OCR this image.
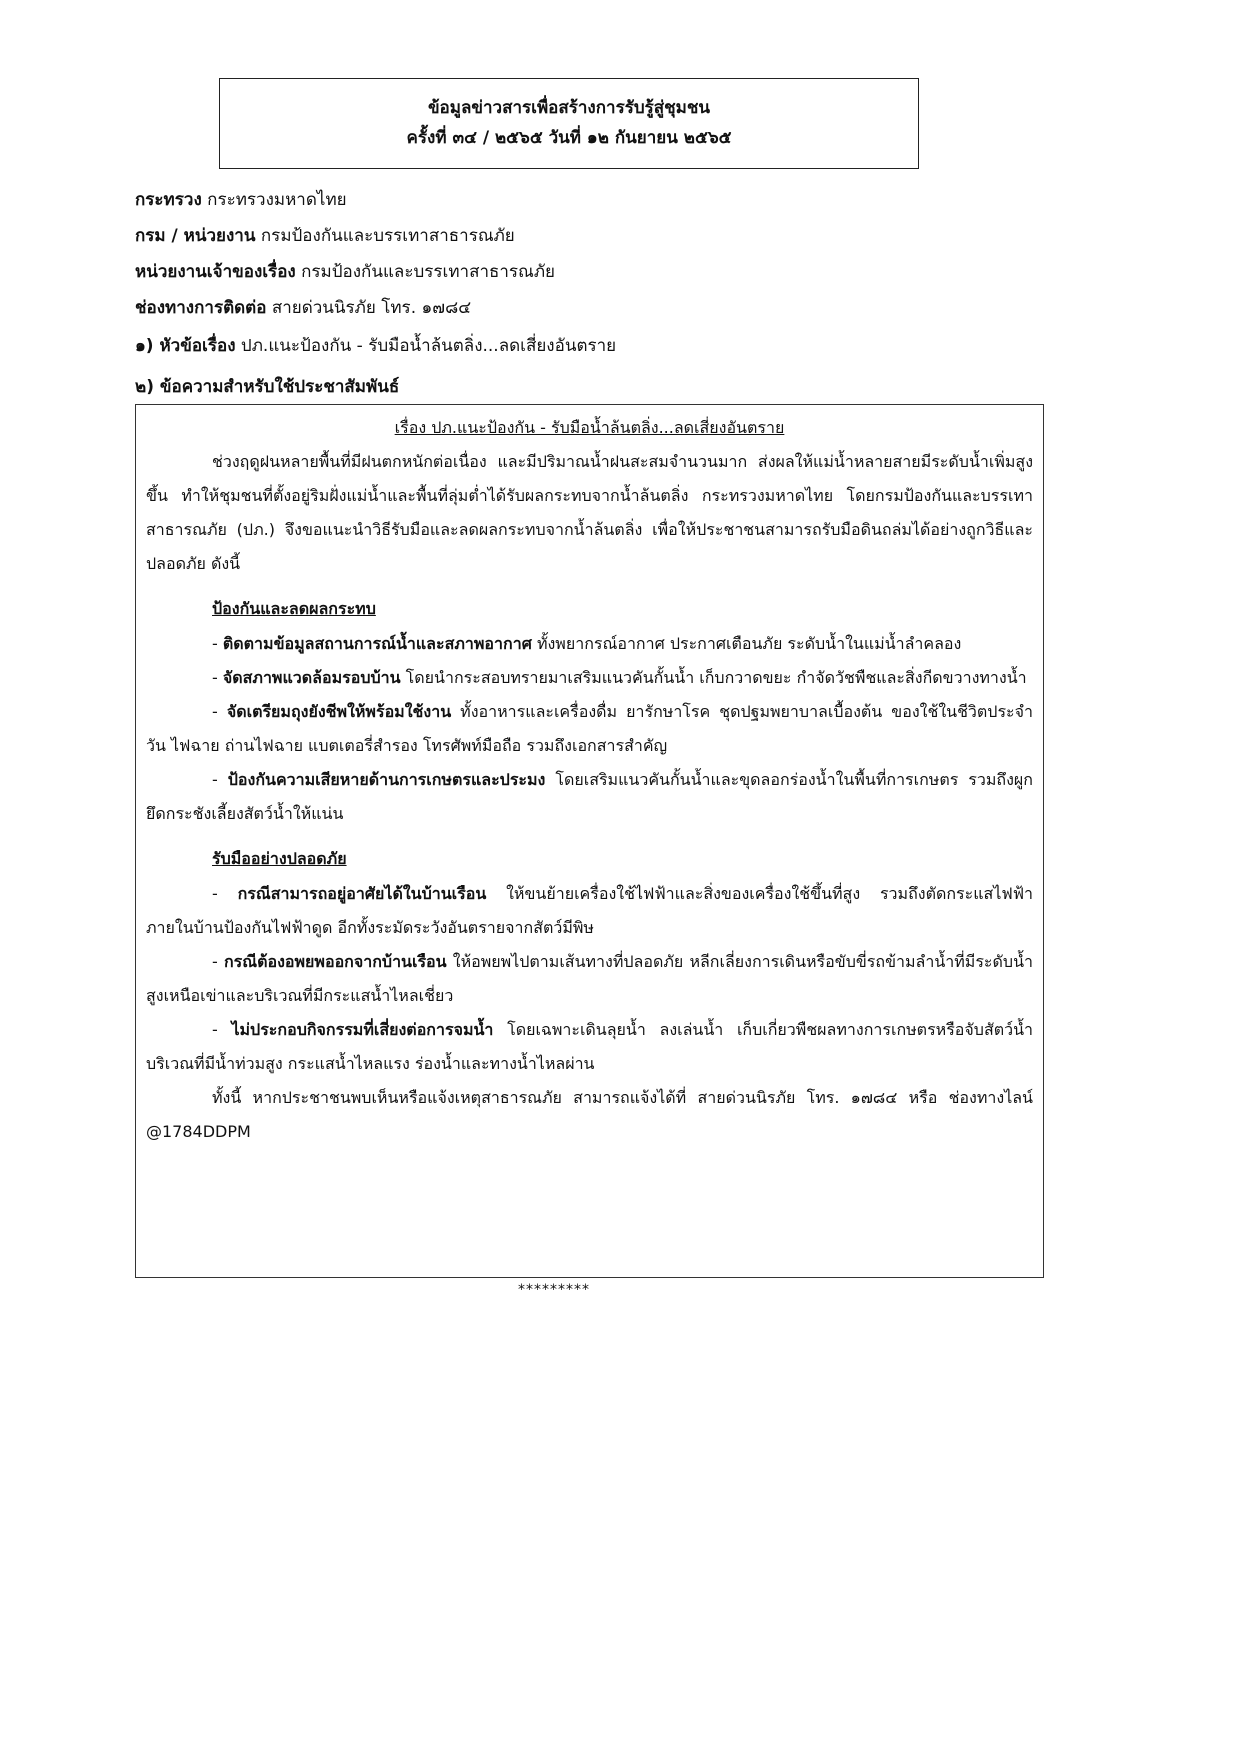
ข้อมูลข่าวสารเพื่อสร้างการรับรู้สู่ชุมชน
ครั้งที่ ๓๔ / ๒๕๖๕ วันที่ ๑๒ กันยายน ๒๕๖๕
กระทรวง กระทรวงมหาดไทย
กรม / หน่วยงาน กรมป้องกันและบรรเทาสาธารณภัย
หน่วยงานเจ้าของเรื่อง กรมป้องกันและบรรเทาสาธารณภัย
ช่องทางการติดต่อ สายด่วนนิรภัย โทร. ๑๗๘๔
๑) หัวข้อเรื่อง ปภ.แนะป้องกัน - รับมือน้ำล้นตลิ่ง...ลดเสี่ยงอันตราย
๒) ข้อความสำหรับใช้ประชาสัมพันธ์
เรื่อง ปภ.แนะป้องกัน - รับมือน้ำล้นตลิ่ง...ลดเสี่ยงอันตราย

ช่วงฤดูฝนหลายพื้นที่มีฝนตกหนักต่อเนื่อง และมีปริมาณน้ำฝนสะสมจำนวนมาก ส่งผลให้แม่น้ำหลายสายมีระดับน้ำเพิ่มสูงขึ้น ทำให้ชุมชนที่ตั้งอยู่ริมฝั่งแม่น้ำและพื้นที่ลุ่มต่ำได้รับผลกระทบจากน้ำล้นตลิ่ง กระทรวงมหาดไทย โดยกรมป้องกันและบรรเทาสาธารณภัย (ปภ.) จึงขอแนะนำวิธีรับมือและลดผลกระทบจากน้ำล้นตลิ่ง เพื่อให้ประชาชนสามารถรับมือดินถล่มได้อย่างถูกวิธีและปลอดภัย ดังนี้

ป้องกันและลดผลกระทบ

- ติดตามข้อมูลสถานการณ์น้ำและสภาพอากาศ ทั้งพยากรณ์อากาศ ประกาศเตือนภัย ระดับน้ำในแม่น้ำลำคลอง

- จัดสภาพแวดล้อมรอบบ้าน โดยนำกระสอบทรายมาเสริมแนวคันกั้นน้ำ เก็บกวาดขยะ กำจัดวัชพืชและสิ่งกีดขวางทางน้ำ

- จัดเตรียมถุงยังชีพให้พร้อมใช้งาน ทั้งอาหารและเครื่องดื่ม ยารักษาโรค ชุดปฐมพยาบาลเบื้องต้น ของใช้ในชีวิตประจำวัน ไฟฉาย ถ่านไฟฉาย แบตเตอรี่สำรอง โทรศัพท์มือถือ รวมถึงเอกสารสำคัญ

- ป้องกันความเสียหายด้านการเกษตรและประมง โดยเสริมแนวคันกั้นน้ำและขุดลอกร่องน้ำในพื้นที่การเกษตร รวมถึงผูกยึดกระชังเลี้ยงสัตว์น้ำให้แน่น

รับมืออย่างปลอดภัย

- กรณีสามารถอยู่อาศัยได้ในบ้านเรือน ให้ขนย้ายเครื่องใช้ไฟฟ้าและสิ่งของเครื่องใช้ขึ้นที่สูง รวมถึงตัดกระแสไฟฟ้าภายในบ้านป้องกันไฟฟ้าดูด อีกทั้งระมัดระวังอันตรายจากสัตว์มีพิษ

- กรณีต้องอพยพออกจากบ้านเรือน ให้อพยพไปตามเส้นทางที่ปลอดภัย หลีกเลี่ยงการเดินหรือขับขี่รถข้ามลำน้ำที่มีระดับน้ำสูงเหนือเข่าและบริเวณที่มีกระแสน้ำไหลเชี่ยว

- ไม่ประกอบกิจกรรมที่เสี่ยงต่อการจมน้ำ โดยเฉพาะเดินลุยน้ำ ลงเล่นน้ำ เก็บเกี่ยวพืชผลทางการเกษตรหรือจับสัตว์น้ำบริเวณที่มีน้ำท่วมสูง กระแสน้ำไหลแรง ร่องน้ำและทางน้ำไหลผ่าน

ทั้งนี้ หากประชาชนพบเห็นหรือแจ้งเหตุสาธารณภัย สามารถแจ้งได้ที่ สายด่วนนิรภัย โทร. ๑๗๘๔ หรือ ช่องทางไลน์ @1784DDPM

*********
